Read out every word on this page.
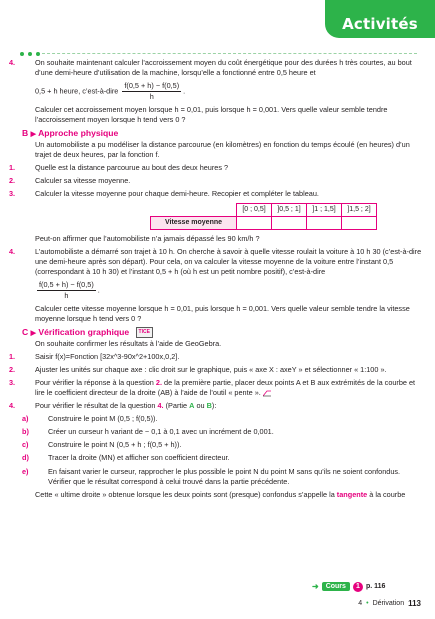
Activités
4.	On souhaite maintenant calculer l’accroissement moyen du coût énergétique pour des durées h très courtes, au bout d’une demi-heure d’utilisation de la machine, lorsqu’elle a fonctionné entre 0,5 heure et
0,5 + h heure, c’est-à-dire $\frac{f(0,5 + h) - f(0,5)}{h}$ .
Calculer cet accroissement moyen lorsque h = 0,01, puis lorsque h = 0,001. Vers quelle valeur semble tendre l’accroissement moyen lorsque h tend vers 0 ?
B ▶ Approche physique
Un automobiliste a pu modéliser la distance parcourue (en kilomètres) en fonction du temps écoulé (en heures) d’un trajet de deux heures, par la fonction f.
1.	Quelle est la distance parcourue au bout des deux heures ?
2.	Calculer sa vitesse moyenne.
3.	Calculer la vitesse moyenne pour chaque demi-heure. Recopier et compléter le tableau.
	[0 ; 0,5]	]0,5 ; 1]	]1 ; 1,5]	]1,5 ; 2]
Vitesse moyenne				
Peut-on affirmer que l’automobiliste n’a jamais dépassé les 90 km/h ?
4.	L’automobiliste a démarré son trajet à 10 h. On cherche à savoir à quelle vitesse roulait la voiture à 10 h 30 (c’est-à-dire une demi-heure après son départ). Pour cela, on va calculer la vitesse moyenne de la voiture entre l’instant 0,5 (correspondant à 10 h 30) et l’instant 0,5 + h (où h est un petit nombre positif), c’est-à-dire
$\frac{f(0,5 + h) - f(0,5)}{h}$ .
Calculer cette vitesse moyenne lorsque h = 0,01, puis lorsque h = 0,001. Vers quelle valeur semble tendre la vitesse moyenne lorsque h tend vers 0 ?
C ▶ Vérification graphique TICE
On souhaite confirmer les résultats à l’aide de GeoGebra.
1.	Saisir f(x)=Fonction [32x^3-90x^2+100x,0,2].
2.	Ajuster les unités sur chaque axe : clic droit sur le graphique, puis « axe X : axeY » et sélectionner « 1:100 ».
3.	Pour vérifier la réponse à la question 2. de la première partie, placer deux points A et B aux extrémités de la courbe et lire le coefficient directeur de la droite (AB) à l’aide de l’outil « pente ».
4.	Pour vérifier le résultat de la question 4. (Partie A ou B):
a)	Construire le point M (0,5 ; f(0,5)).
b)	Créer un curseur h variant de − 0,1 à 0,1 avec un incrément de 0,001.
c)	Construire le point N (0,5 + h ; f(0,5 + h)).
d)	Tracer la droite (MN) et afficher son coefficient directeur.
e)	En faisant varier le curseur, rapprocher le plus possible le point N du point M sans qu’ils ne soient confondus. Vérifier que le résultat correspond à celui trouvé dans la partie précédente.
Cette « ultime droite » obtenue lorsque les deux points sont (presque) confondus s’appelle la tangente à la courbe
➜	Cours	1 p. 116
4 • Dérivation 113
